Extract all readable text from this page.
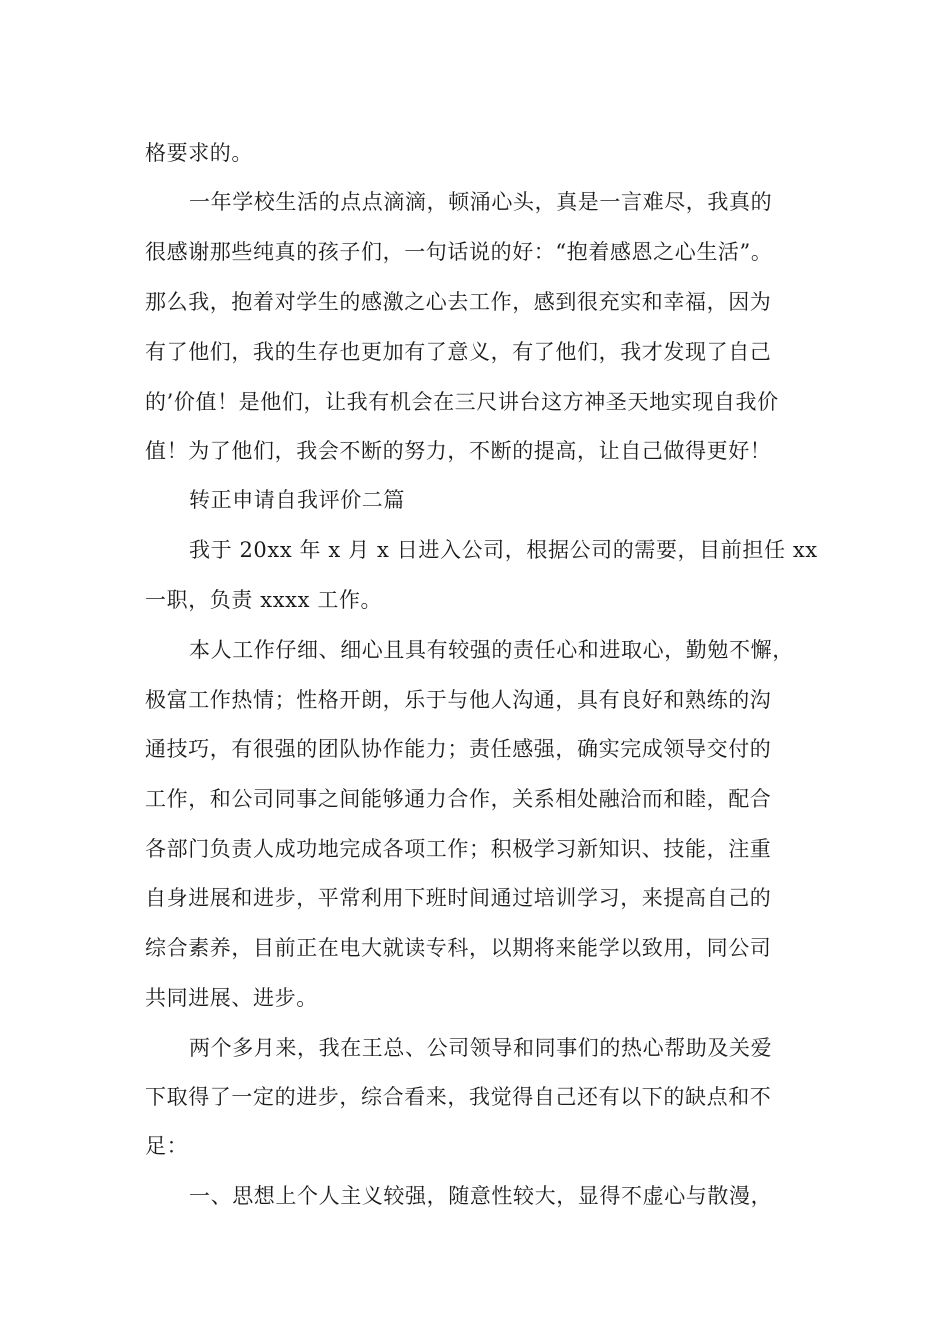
格要求的。
一年学校生活的点点滴滴，顿涌心头，真是一言难尽，我真的
很感谢那些纯真的孩子们，一句话说的好：“抱着感恩之心生活”。
那么我，抱着对学生的感激之心去工作，感到很充实和幸福，因为
有了他们，我的生存也更加有了意义，有了他们，我才发现了自己
的’价值！是他们，让我有机会在三尺讲台这方神圣天地实现自我价
值！为了他们，我会不断的努力，不断的提高，让自己做得更好！
转正申请自我评价二篇
我于 20xx 年 x 月 x 日进入公司，根据公司的需要，目前担任 xx
一职，负责 xxxx 工作。
本人工作仔细、细心且具有较强的责任心和进取心，勤勉不懈，
极富工作热情；性格开朗，乐于与他人沟通，具有良好和熟练的沟
通技巧，有很强的团队协作能力；责任感强，确实完成领导交付的
工作，和公司同事之间能够通力合作，关系相处融洽而和睦，配合
各部门负责人成功地完成各项工作；积极学习新知识、技能，注重
自身进展和进步，平常利用下班时间通过培训学习，来提高自己的
综合素养，目前正在电大就读专科，以期将来能学以致用，同公司
共同进展、进步。
两个多月来，我在王总、公司领导和同事们的热心帮助及关爱
下取得了一定的进步，综合看来，我觉得自己还有以下的缺点和不
足：
一、思想上个人主义较强，随意性较大，显得不虚心与散漫，
